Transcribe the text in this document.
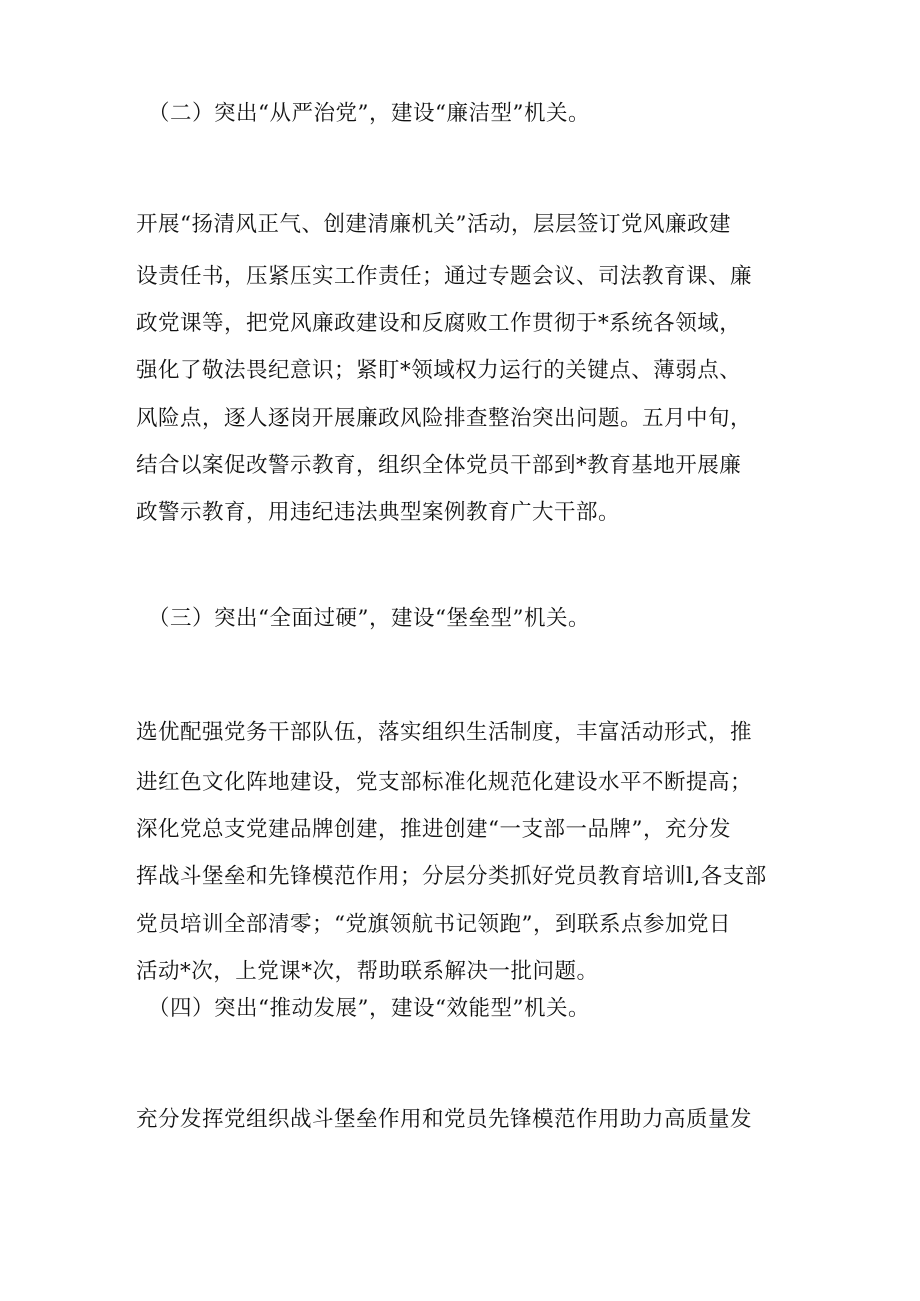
（二）突出“从严治党”，建设“廉洁型”机关。

开展“扬清风正气、创建清廉机关”活动，层层签订党风廉政建

设责任书，压紧压实工作责任；通过专题会议、司法教育课、廉

政党课等，把党风廉政建设和反腐败工作贯彻于*系统各领域，

强化了敬法畏纪意识；紧盯*领域权力运行的关键点、薄弱点、

风险点，逐人逐岗开展廉政风险排查整治突出问题。五月中旬，

结合以案促改警示教育，组织全体党员干部到*教育基地开展廉

政警示教育，用违纪违法典型案例教育广大干部。

（三）突出“全面过硬”，建设“堡垒型”机关。

选优配强党务干部队伍，落实组织生活制度，丰富活动形式，推

进红色文化阵地建设，党支部标准化规范化建设水平不断提高；

深化党总支党建品牌创建，推进创建“一支部一品牌”，充分发

挥战斗堡垒和先锋模范作用；分层分类抓好党员教育培训l,各支部

党员培训全部清零；“党旗领航书记领跑”，到联系点参加党日

活动*次，上党课*次，帮助联系解决一批问题。

（四）突出“推动发展”，建设“效能型”机关。

充分发挥党组织战斗堡垒作用和党员先锋模范作用助力高质量发
